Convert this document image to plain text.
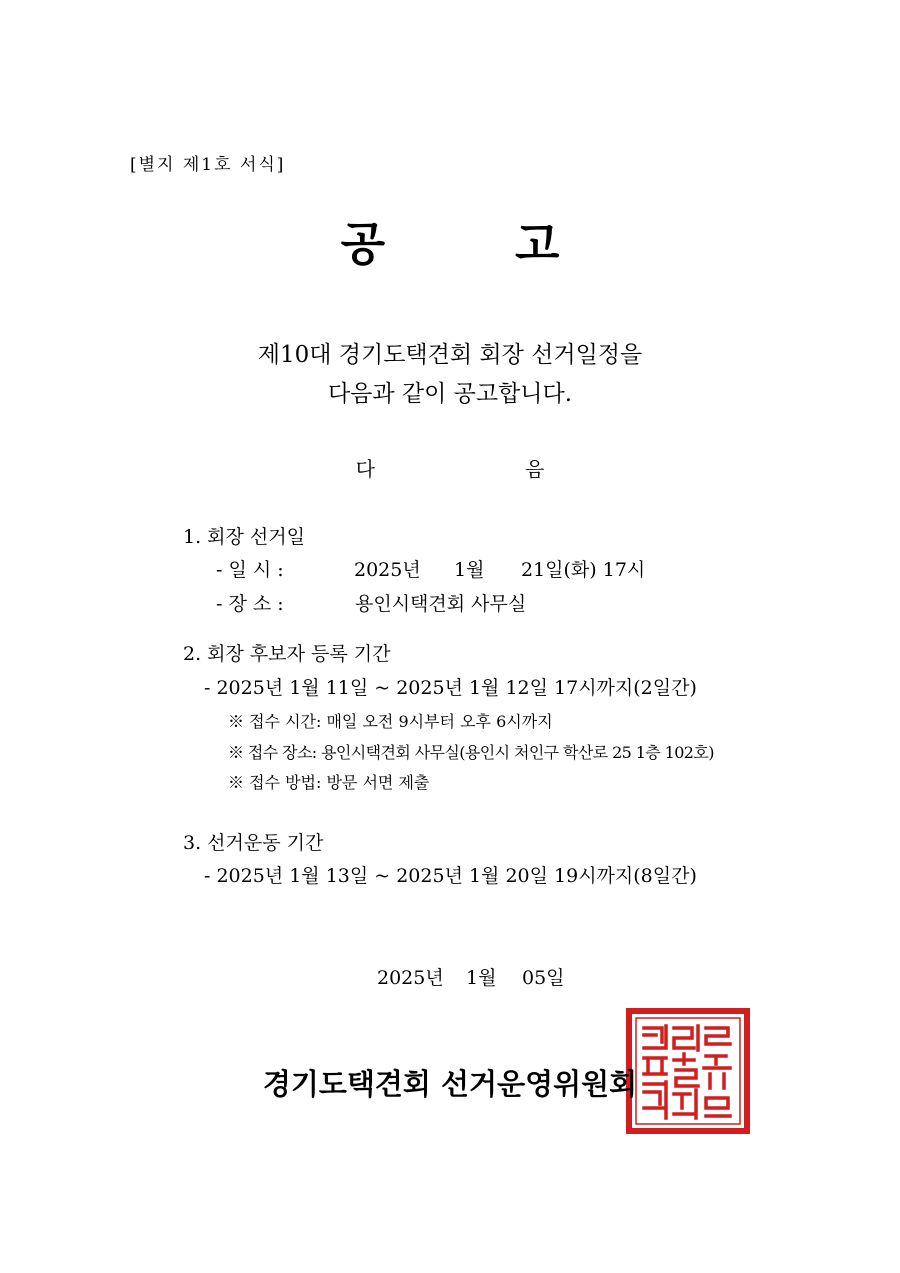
[별지 제1호 서식]
공	고
제10대 경기도택견회 회장 선거일정을
다음과 같이 공고합니다.
다	음
1. 회장 선거일
- 일 시 :	2025년 1월 21일(화) 17시
- 장 소 :	용인시택견회 사무실
2. 회장 후보자 등록 기간
- 2025년 1월 11일 ~ 2025년 1월 12일 17시까지(2일간)
※ 접수 시간: 매일 오전 9시부터 오후 6시까지
※ 접수 장소: 용인시택견회 사무실(용인시 처인구 학산로 25 1층 102호)
※ 접수 방법: 방문 서면 제출
3. 선거운동 기간
- 2025년 1월 13일 ~ 2025년 1월 20일 19시까지(8일간)
2025년 1월 05일
경기도택견회 선거운영위원회
